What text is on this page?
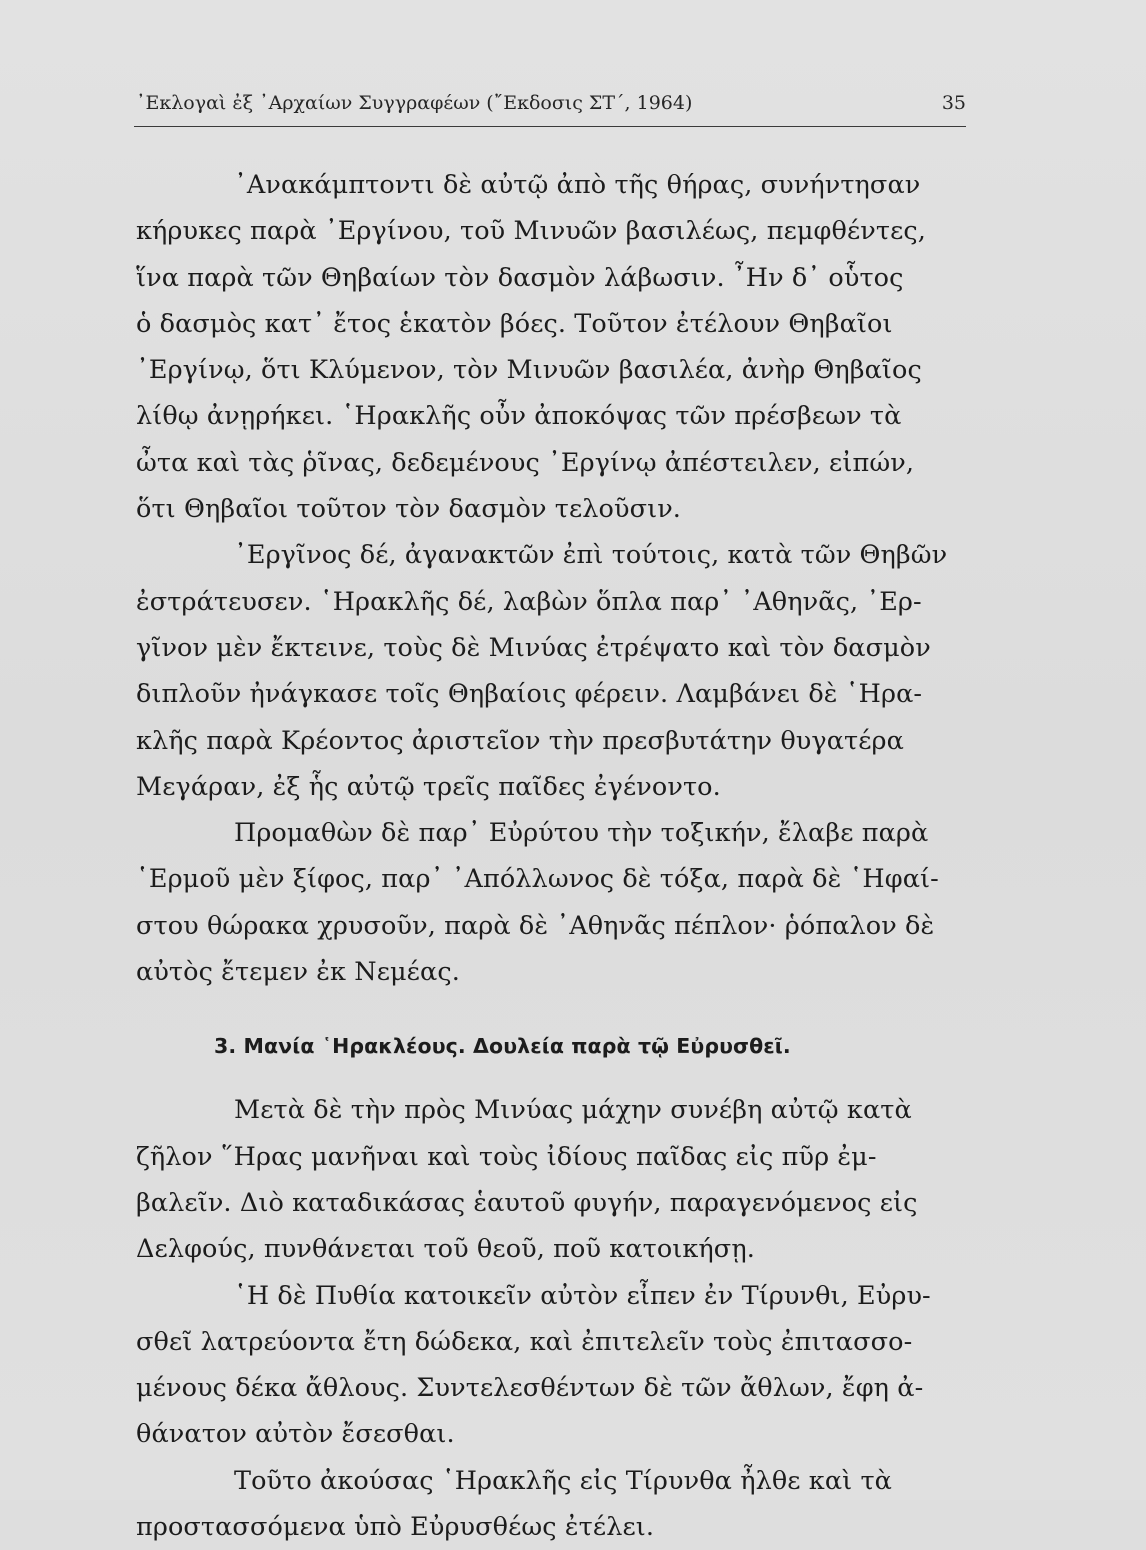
᾿Εκλογαὶ ἐξ ᾿Αρχαίων Συγγραφέων (῎Εκδοσις ΣΤ΄, 1964)	35
᾿Ανακάμπτοντι δὲ αὐτῷ ἀπὸ τῆς θήρας, συνήντησαν
κήρυκες παρὰ ᾿Εργίνου, τοῦ Μινυῶν βασιλέως, πεμφθέντες,
ἵνα παρὰ τῶν Θηβαίων τὸν δασμὸν λάβωσιν. ῏Ην δ᾿ οὗτος
ὁ δασμὸς κατ᾿ ἔτος ἑκατὸν βόες. Τοῦτον ἐτέλουν Θηβαῖοι
᾿Εργίνῳ, ὅτι Κλύμενον, τὸν Μινυῶν βασιλέα, ἀνὴρ Θηβαῖος
λίθῳ ἀνῃρήκει. ῾Ηρακλῆς οὖν ἀποκόψας τῶν πρέσβεων τὰ
ὦτα καὶ τὰς ῥῖνας, δεδεμένους ᾿Εργίνῳ ἀπέστειλεν, εἰπών,
ὅτι Θηβαῖοι τοῦτον τὸν δασμὸν τελοῦσιν.
᾿Εργῖνος δέ, ἀγανακτῶν ἐπὶ τούτοις, κατὰ τῶν Θηβῶν
ἐστράτευσεν. ῾Ηρακλῆς δέ, λαβὼν ὅπλα παρ᾿ ᾿Αθηνᾶς, ᾿Ερ-
γῖνον μὲν ἔκτεινε, τοὺς δὲ Μινύας ἐτρέψατο καὶ τὸν δασμὸν
διπλοῦν ἠνάγκασε τοῖς Θηβαίοις φέρειν. Λαμβάνει δὲ ῾Ηρα-
κλῆς παρὰ Κρέοντος ἀριστεῖον τὴν πρεσβυτάτην θυγατέρα
Μεγάραν, ἐξ ἧς αὐτῷ τρεῖς παῖδες ἐγένοντο.
Προμαθὼν δὲ παρ᾿ Εὐρύτου τὴν τοξικήν, ἔλαβε παρὰ
῾Ερμοῦ μὲν ξίφος, παρ᾿ ᾿Απόλλωνος δὲ τόξα, παρὰ δὲ ῾Ηφαί-
στου θώρακα χρυσοῦν, παρὰ δὲ ᾿Αθηνᾶς πέπλον· ῥόπαλον δὲ
αὐτὸς ἔτεμεν ἐκ Νεμέας.
3. Μανία ῾Ηρακλέους. Δουλεία παρὰ τῷ Εὐρυσθεῖ.
Μετὰ δὲ τὴν πρὸς Μινύας μάχην συνέβη αὐτῷ κατὰ
ζῆλον ῞Ηρας μανῆναι καὶ τοὺς ἰδίους παῖδας εἰς πῦρ ἐμ-
βαλεῖν. Διὸ καταδικάσας ἑαυτοῦ φυγήν, παραγενόμενος εἰς
Δελφούς, πυνθάνεται τοῦ θεοῦ, ποῦ κατοικήσῃ.
῾Η δὲ Πυθία κατοικεῖν αὐτὸν εἶπεν ἐν Τίρυνθι, Εὐρυ-
σθεῖ λατρεύοντα ἔτη δώδεκα, καὶ ἐπιτελεῖν τοὺς ἐπιτασσο-
μένους δέκα ἄθλους. Συντελεσθέντων δὲ τῶν ἄθλων, ἔφη ἀ-
θάνατον αὐτὸν ἔσεσθαι.
Τοῦτο ἀκούσας ῾Ηρακλῆς εἰς Τίρυνθα ἦλθε καὶ τὰ
προστασσόμενα ὑπὸ Εὐρυσθέως ἐτέλει.
